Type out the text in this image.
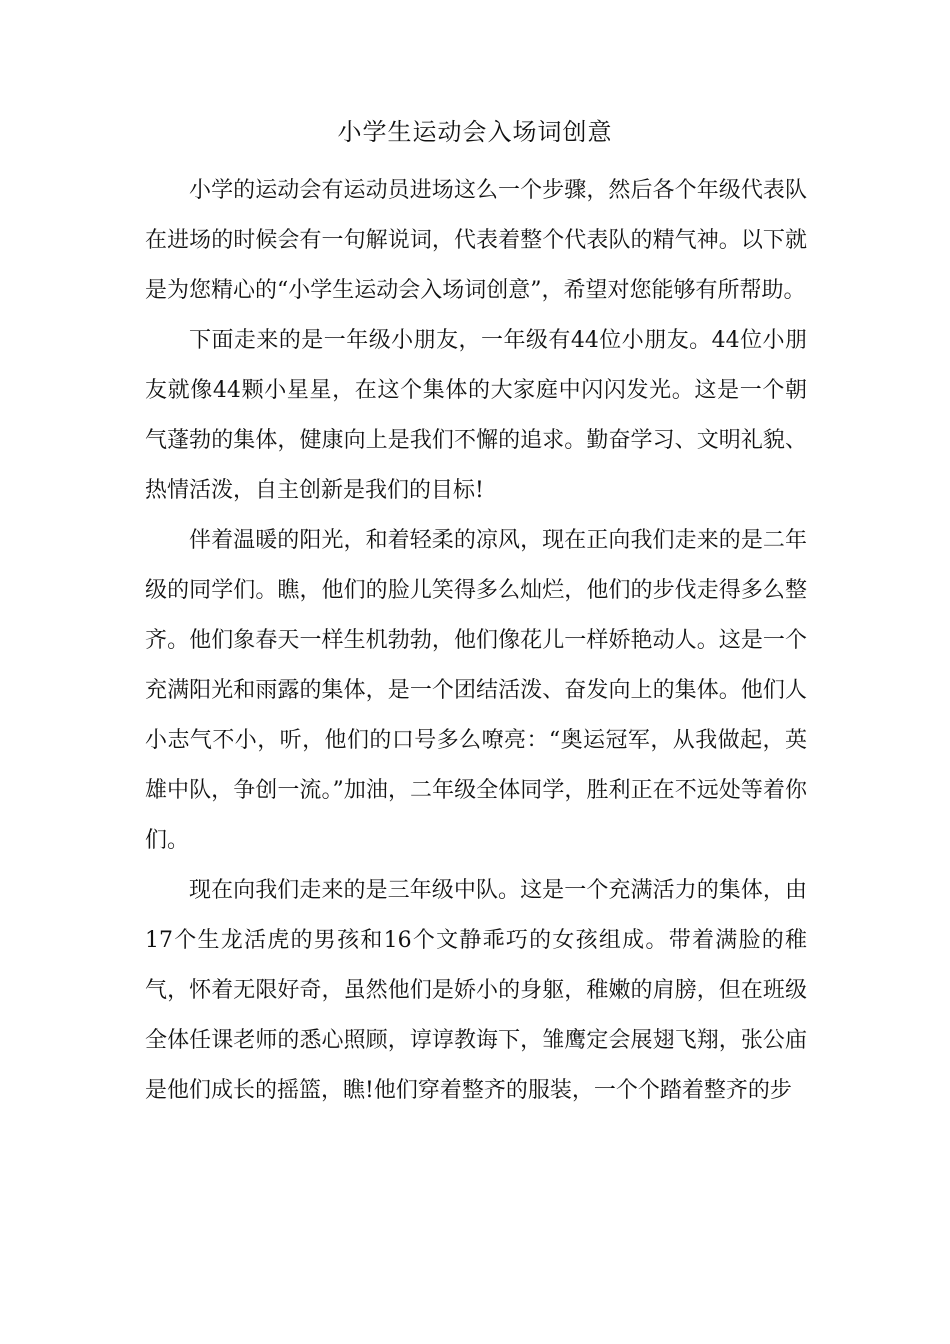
小学生运动会入场词创意

小学的运动会有运动员进场这么一个步骤，然后各个年级代表队在进场的时候会有一句解说词，代表着整个代表队的精气神。以下就是为您精心的“小学生运动会入场词创意”，希望对您能够有所帮助。

下面走来的是一年级小朋友，一年级有44位小朋友。44位小朋友就像44颗小星星，在这个集体的大家庭中闪闪发光。这是一个朝气蓬勃的集体，健康向上是我们不懈的追求。勤奋学习、文明礼貌、热情活泼，自主创新是我们的目标!

伴着温暖的阳光，和着轻柔的凉风，现在正向我们走来的是二年级的同学们。瞧，他们的脸儿笑得多么灿烂，他们的步伐走得多么整齐。他们象春天一样生机勃勃，他们像花儿一样娇艳动人。这是一个充满阳光和雨露的集体，是一个团结活泼、奋发向上的集体。他们人小志气不小，听，他们的口号多么嘹亮：“奥运冠军，从我做起，英雄中队，争创一流。”加油，二年级全体同学，胜利正在不远处等着你们。

现在向我们走来的是三年级中队。这是一个充满活力的集体，由17个生龙活虎的男孩和16个文静乖巧的女孩组成。带着满脸的稚气，怀着无限好奇，虽然他们是娇小的身躯，稚嫩的肩膀，但在班级全体任课老师的悉心照顾，谆谆教诲下，雏鹰定会展翅飞翔，张公庙是他们成长的摇篮，瞧!他们穿着整齐的服装，一个个踏着整齐的步
